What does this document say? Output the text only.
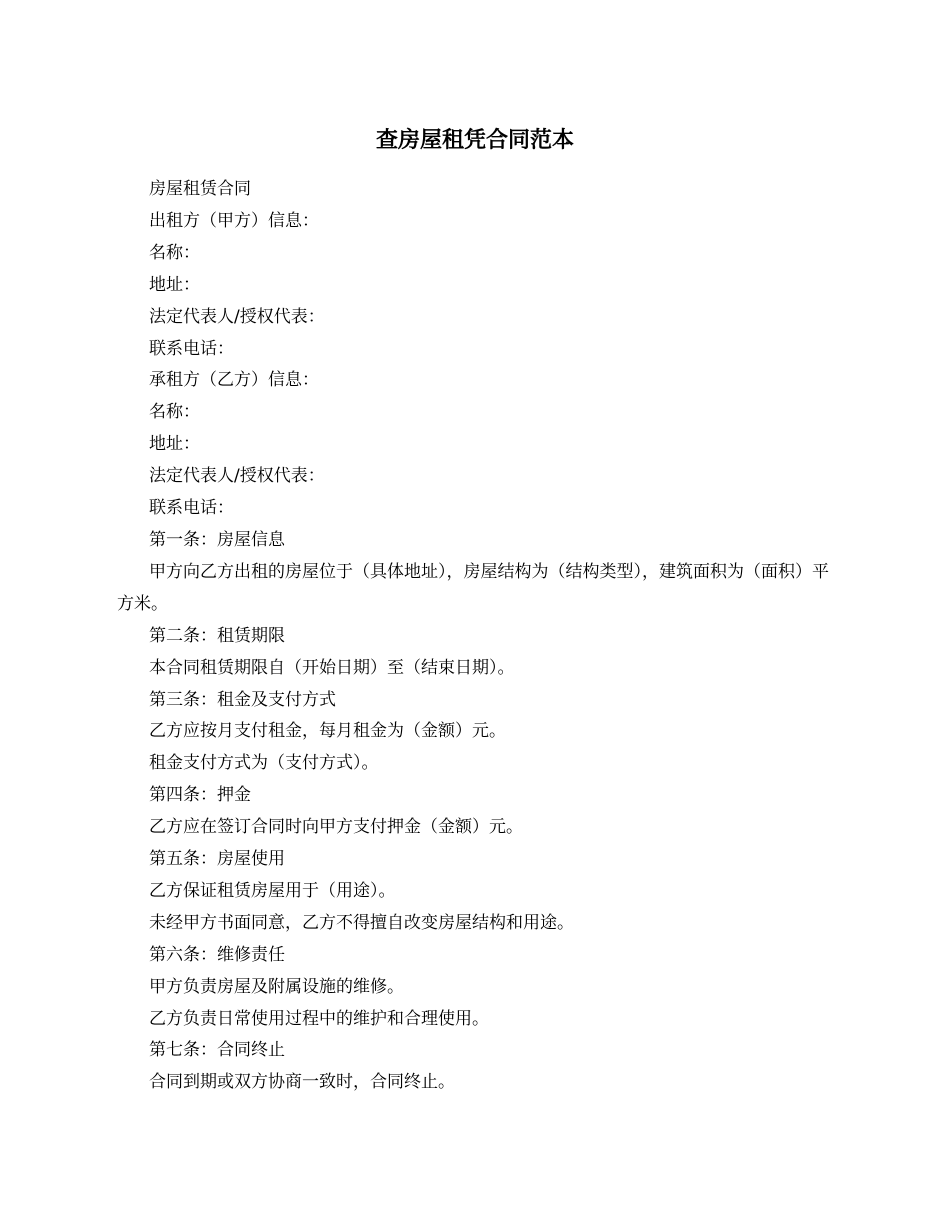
查房屋租凭合同范本

房屋租赁合同

出租方（甲方）信息：

名称：

地址：

法定代表人/授权代表：

联系电话：

承租方（乙方）信息：

名称：

地址：

法定代表人/授权代表：

联系电话：

第一条：房屋信息

甲方向乙方出租的房屋位于（具体地址），房屋结构为（结构类型），建筑面积为（面积）平方米。

第二条：租赁期限

本合同租赁期限自（开始日期）至（结束日期）。

第三条：租金及支付方式

乙方应按月支付租金，每月租金为（金额）元。

租金支付方式为（支付方式）。

第四条：押金

乙方应在签订合同时向甲方支付押金（金额）元。

第五条：房屋使用

乙方保证租赁房屋用于（用途）。

未经甲方书面同意，乙方不得擅自改变房屋结构和用途。

第六条：维修责任

甲方负责房屋及附属设施的维修。

乙方负责日常使用过程中的维护和合理使用。

第七条：合同终止

合同到期或双方协商一致时，合同终止。
